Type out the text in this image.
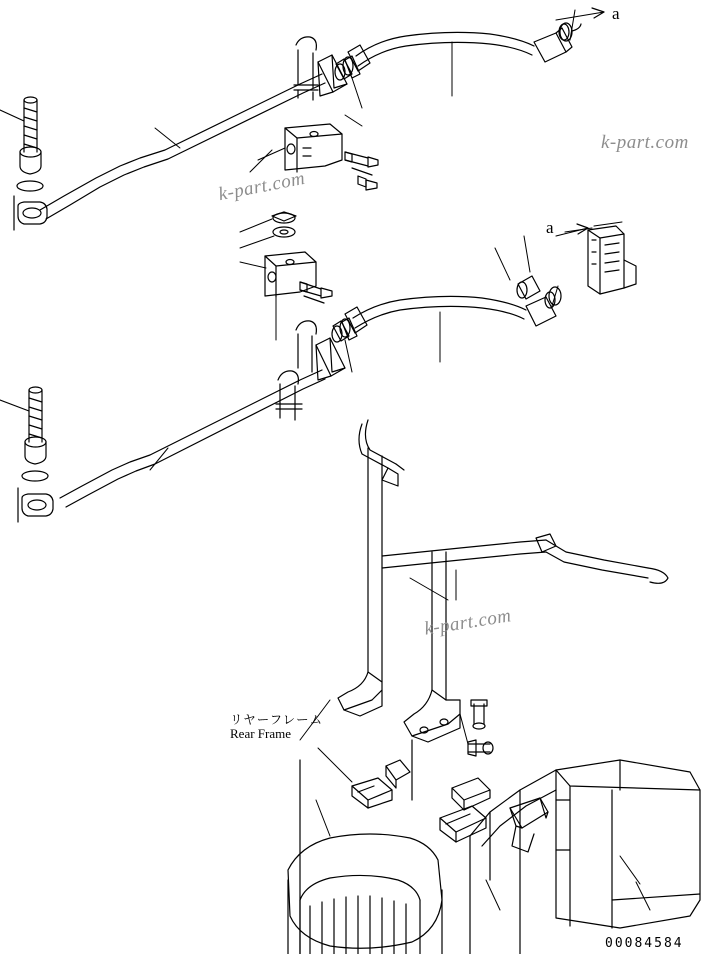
k-part.com
k-part.com
k-part.com
リヤーフレーム
Rear Frame
a
a
00084584
